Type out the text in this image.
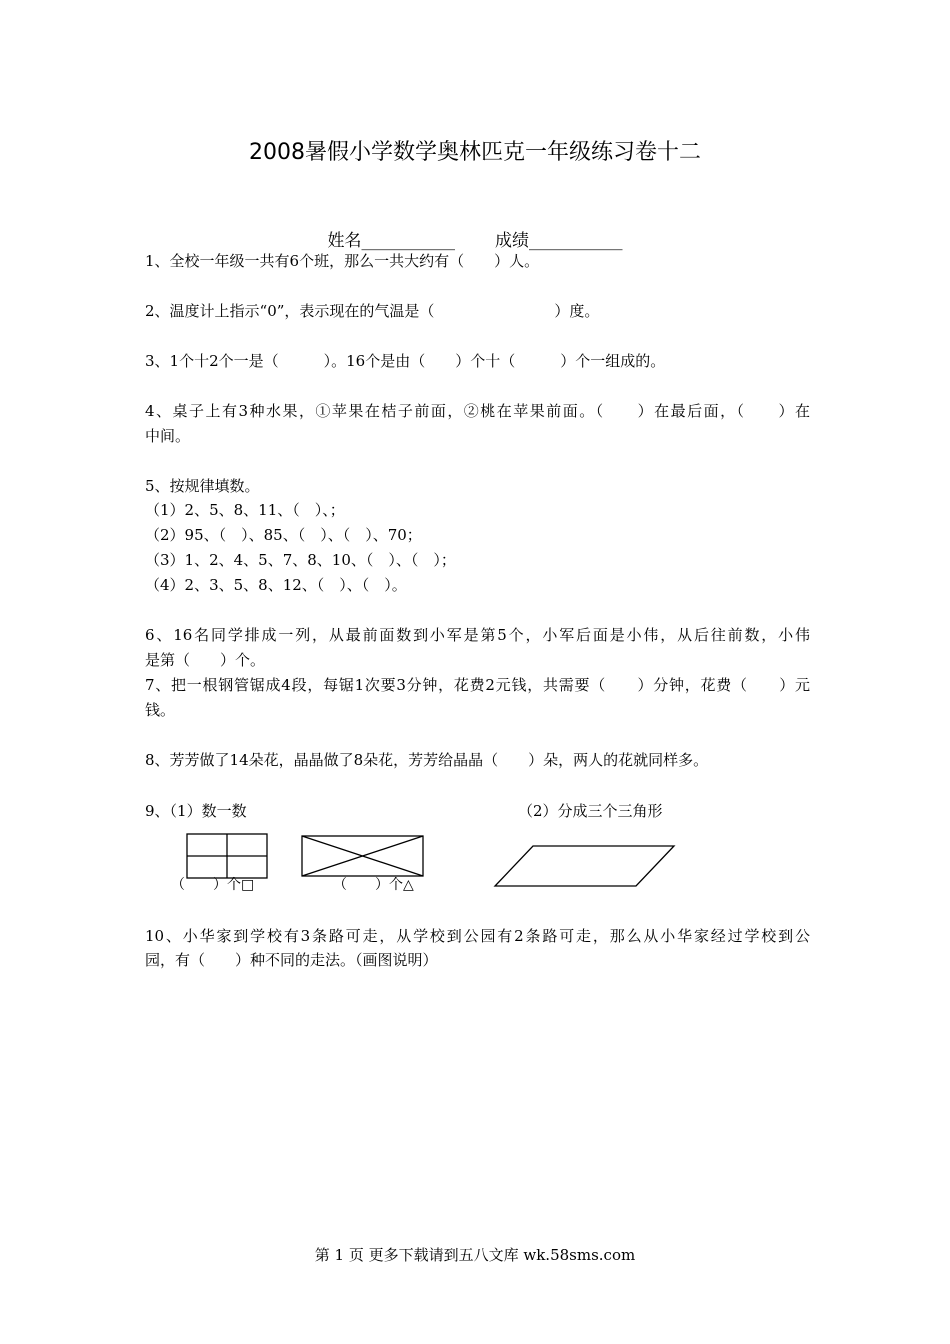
2008暑假小学数学奥林匹克一年级练习卷十二
姓名___________ 成绩___________
1、全校一年级一共有6个班，那么一共大约有（　　）人。
2、温度计上指示“0”，表示现在的气温是（　　　　　　　　）度。
3、1个十2个一是（　　　）。16个是由（　　）个十（　　　）个一组成的。
4、桌子上有3种水果，①苹果在桔子前面，②桃在苹果前面。（　　）在最后面，（　　）在
中间。
5、按规律填数。
（1）2、5、8、11、（　）、；
（2）95、（　）、85、（　）、（　）、70；
（3）1、2、4、5、7、8、10、（　）、（　）；
（4）2、3、5、8、12、（　）、（　）。
6、16名同学排成一列，从最前面数到小军是第5个，小军后面是小伟，从后往前数，小伟
是第（　　）个。
7、把一根钢管锯成4段，每锯1次要3分钟，花费2元钱，共需要（　　）分钟，花费（　　）元
钱。
8、芳芳做了14朵花，晶晶做了8朵花，芳芳给晶晶（　　）朵，两人的花就同样多。
9、（1）数一数	（2）分成三个三角形
（　　）个□	（　　）个△
10、小华家到学校有3条路可走，从学校到公园有2条路可走，那么从小华家经过学校到公
园，有（　　）种不同的走法。（画图说明）
第 1 页 更多下载请到五八文库 wk.58sms.com
